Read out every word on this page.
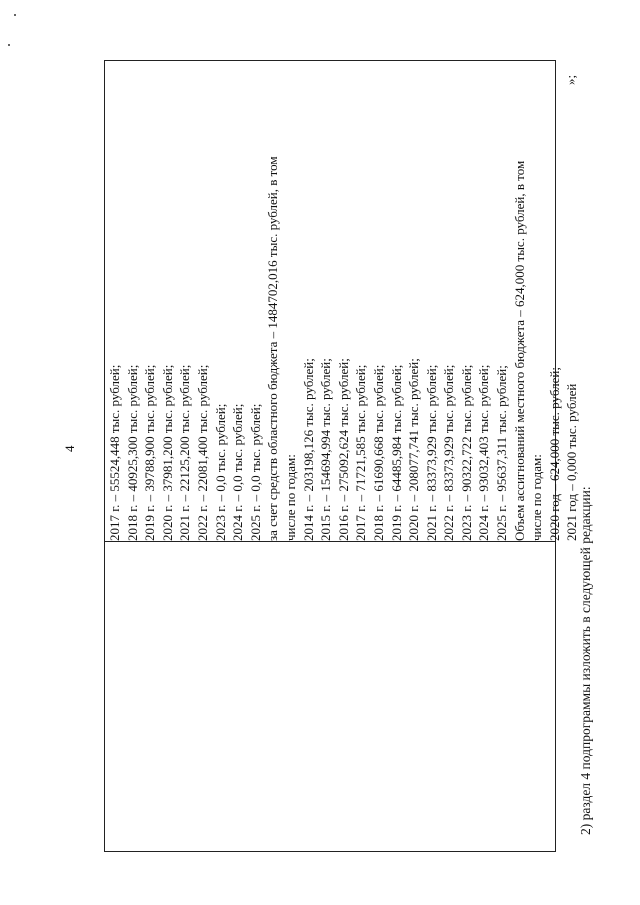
4 2017 г. – 55524,448 тыс. рублей; 2018 г. – 40925,300 тыс. рублей; 2019 г. – 39788,900 тыс. рублей; 2020 г. – 37981,200 тыс. рублей; 2021 г. – 22125,200 тыс. рублей; 2022 г. – 22081,400 тыс. рублей; 2023 г. – 0,0 тыс. рублей; 2024 г. – 0,0 тыс. рублей; 2025 г. – 0,0 тыс. рублей; за счет средств областного бюджета – 1484702,016 тыс. рублей, в том числе по годам: 2014 г. – 203198,126 тыс. рублей; 2015 г. – 154694,994 тыс. рублей; 2016 г. – 275092,624 тыс. рублей; 2017 г. – 71721,585 тыс. рублей; 2018 г. – 61690,668 тыс. рублей; 2019 г. – 64485,984 тыс. рублей; 2020 г. – 208077,741 тыс. рублей; 2021 г. – 83373,929 тыс. рублей; 2022 г. – 83373,929 тыс. рублей; 2023 г. – 90322,722 тыс. рублей; 2024 г. – 93032,403 тыс. рублей; 2025 г. – 95637,311 тыс. рублей; Объем ассигнований местного бюджета – 624,000 тыс. рублей, в том числе по годам: 2020 год – 624,000 тыс. рублей; 2021 год – 0,000 тыс. рублей
»;
2) раздел 4 подпрограммы изложить в следующей редакции:
